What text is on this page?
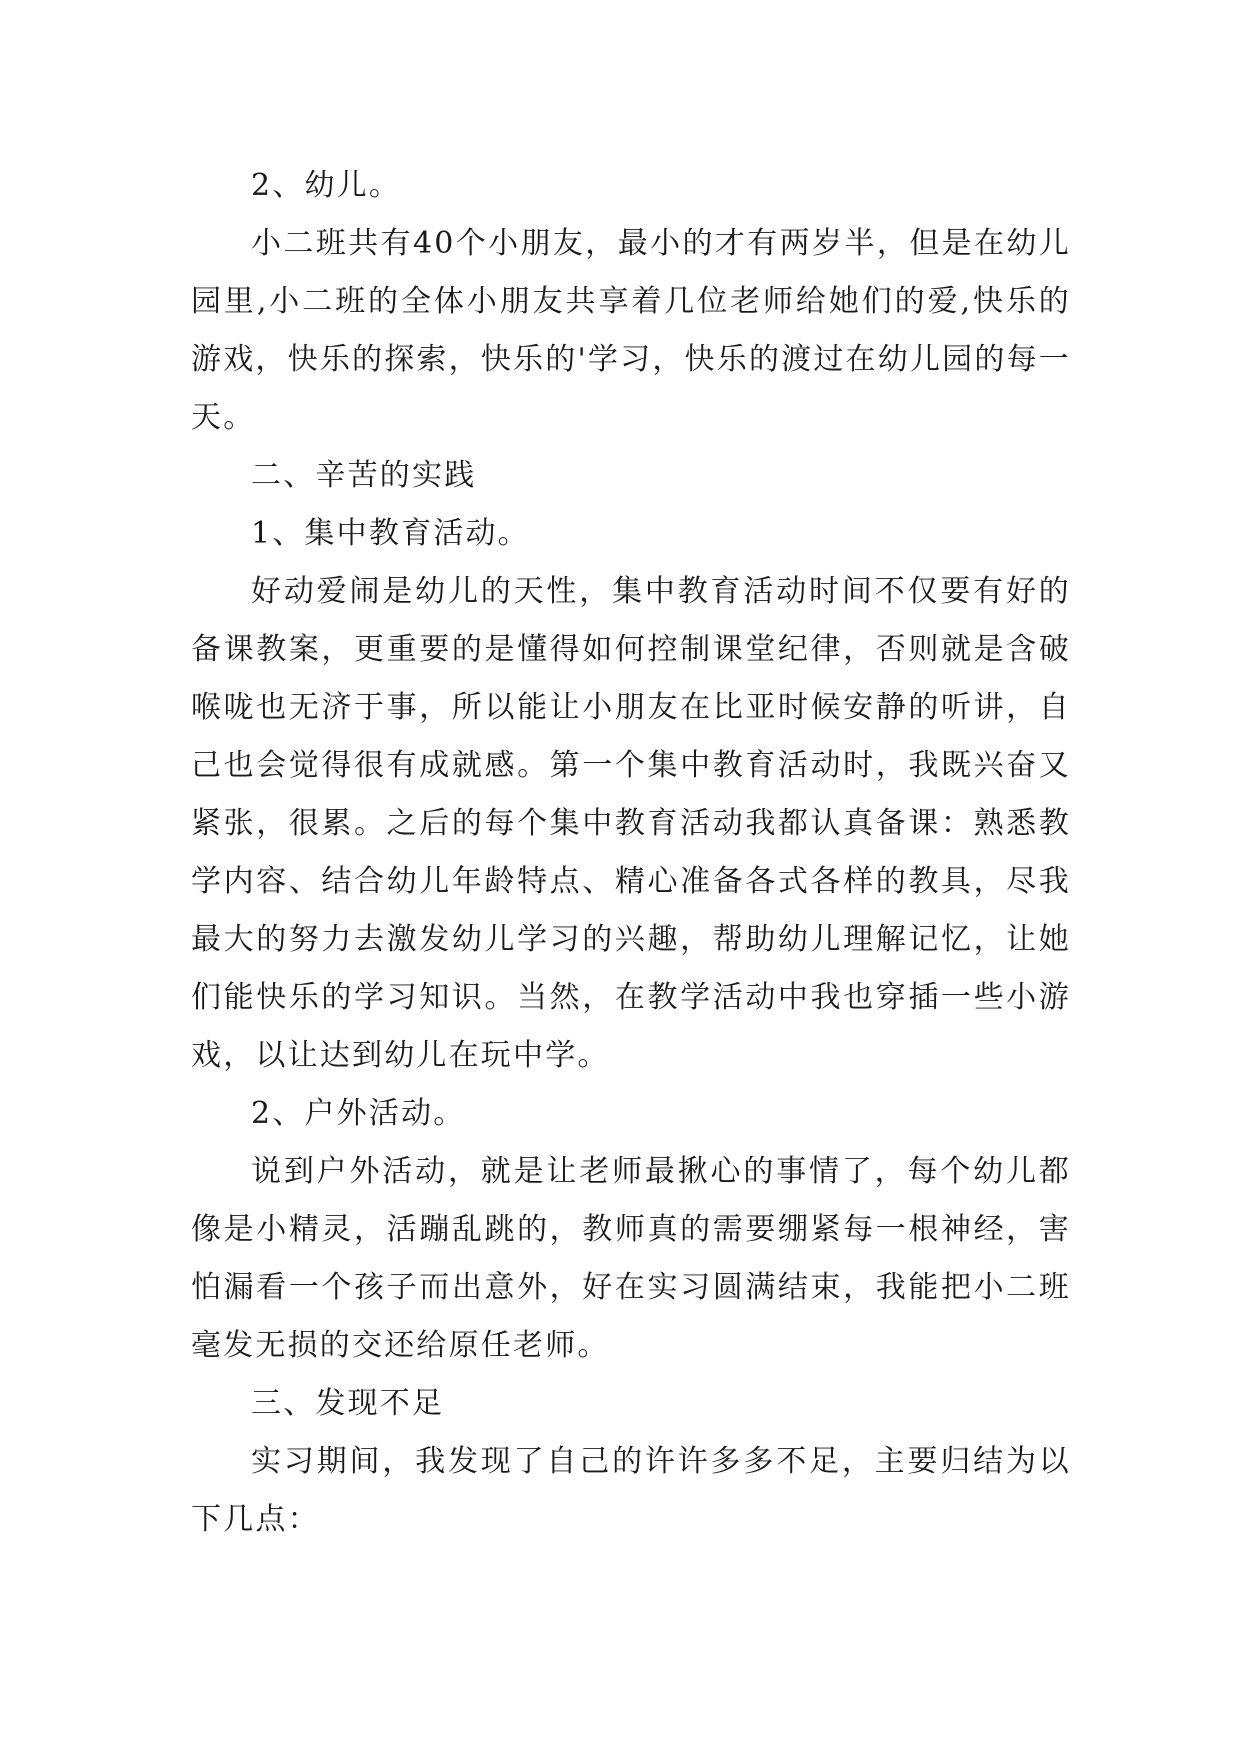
2、幼儿。

小二班共有40个小朋友，最小的才有两岁半，但是在幼儿园里,小二班的全体小朋友共享着几位老师给她们的爱,快乐的游戏，快乐的探索，快乐的'学习，快乐的渡过在幼儿园的每一天。

二、辛苦的实践

1、集中教育活动。

好动爱闹是幼儿的天性，集中教育活动时间不仅要有好的备课教案，更重要的是懂得如何控制课堂纪律，否则就是含破喉咙也无济于事，所以能让小朋友在比亚时候安静的听讲，自己也会觉得很有成就感。第一个集中教育活动时，我既兴奋又紧张，很累。之后的每个集中教育活动我都认真备课：熟悉教学内容、结合幼儿年龄特点、精心准备各式各样的教具，尽我最大的努力去激发幼儿学习的兴趣，帮助幼儿理解记忆，让她们能快乐的学习知识。当然，在教学活动中我也穿插一些小游戏，以让达到幼儿在玩中学。

2、户外活动。

说到户外活动，就是让老师最揪心的事情了，每个幼儿都像是小精灵，活蹦乱跳的，教师真的需要绷紧每一根神经，害怕漏看一个孩子而出意外，好在实习圆满结束，我能把小二班毫发无损的交还给原任老师。

三、发现不足

实习期间，我发现了自己的许许多多不足，主要归结为以下几点：
